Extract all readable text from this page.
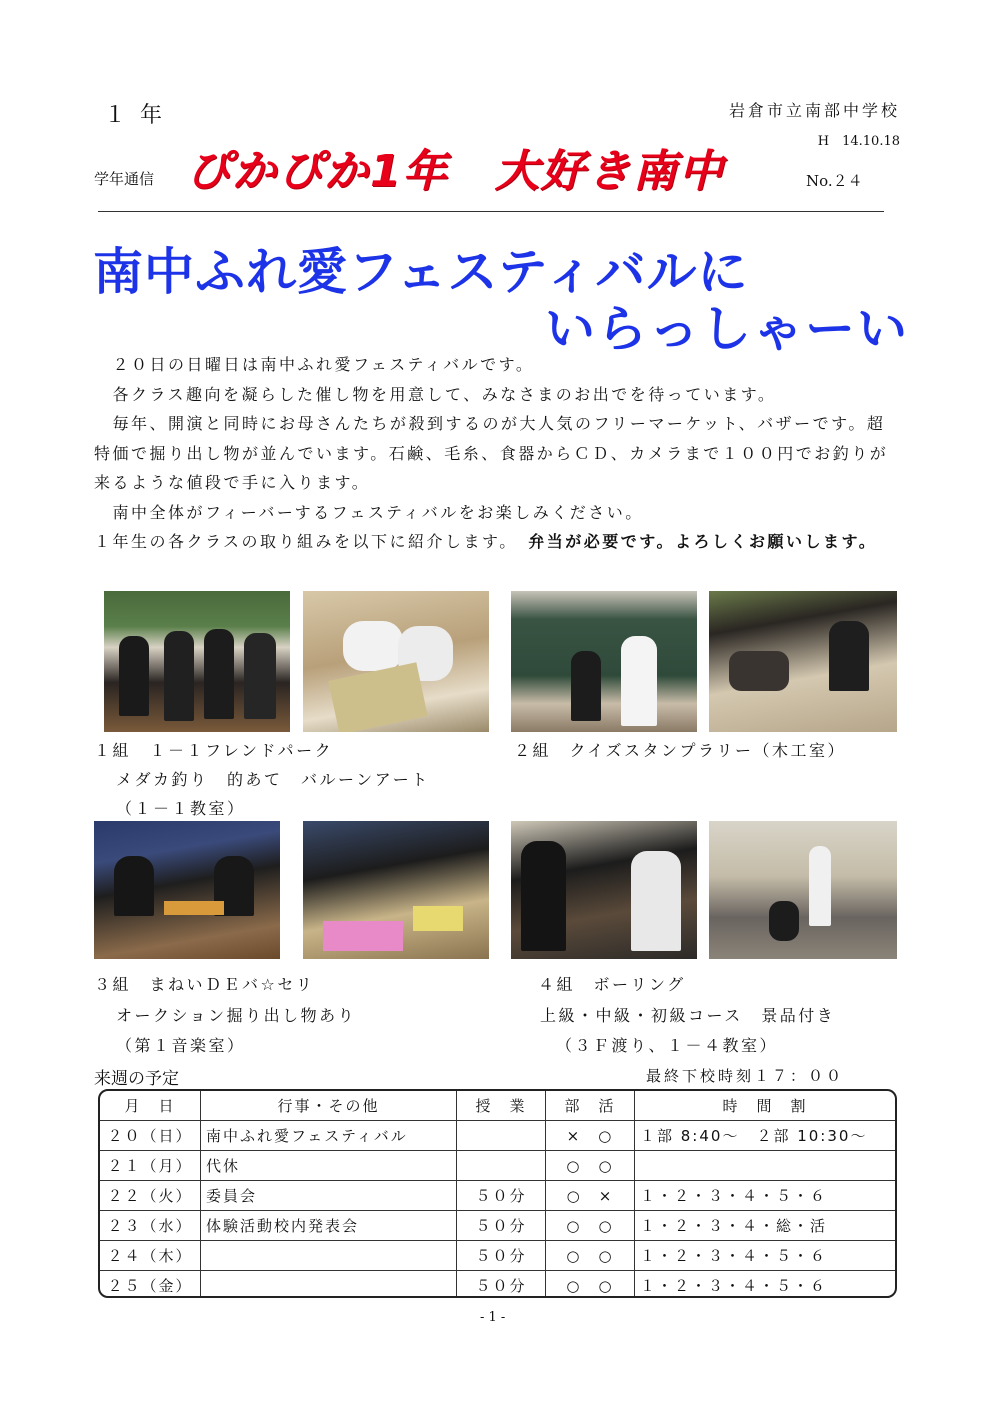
１年	岩倉市立南部中学校
H　14.10.18
学年通信 ぴかぴか1年　大好き南中	No.２４
南中ふれ愛フェスティバルに
いらっしゃーい

　２０日の日曜日は南中ふれ愛フェスティバルです。

　各クラス趣向を凝らした催し物を用意して、みなさまのお出でを待っています。

　毎年、開演と同時にお母さんたちが殺到するのが大人気のフリーマーケット、バザーです。超特価で掘り出し物が並んでいます。石鹸、毛糸、食器からＣＤ、カメラまで１００円でお釣りが来るような値段で手に入ります。

　南中全体がフィーバーするフェスティバルをお楽しみください。

１年生の各クラスの取り組みを以下に紹介します。　弁当が必要です。よろしくお願いします。

１組　１－１フレンドパーク
メダカ釣り　的あて　バルーンアート
（１－１教室）
２組　クイズスタンプラリー（木工室）
３組　まねいＤＥバ☆セリ
オークション掘り出し物あり
（第１音楽室）
４組　ボーリング
上級・中級・初級コース　景品付き
（３Ｆ渡り、１－４教室）
来週の予定	最終下校時刻１７：００
月　日	行事・その他	授　業	部　活	時　間　割
２０（日）	南中ふれ愛フェスティバル		×　○	１部 8:40～　２部 10:30～
２１（月）	代休		○　○	
２２（火）	委員会	５０分	○　×	１・２・３・４・５・６
２３（水）	体験活動校内発表会	５０分	○　○	１・２・３・４・総・活
２４（木）		５０分	○　○	１・２・３・４・５・６
２５（金）		５０分	○　○	１・２・３・４・５・６
- 1 -
